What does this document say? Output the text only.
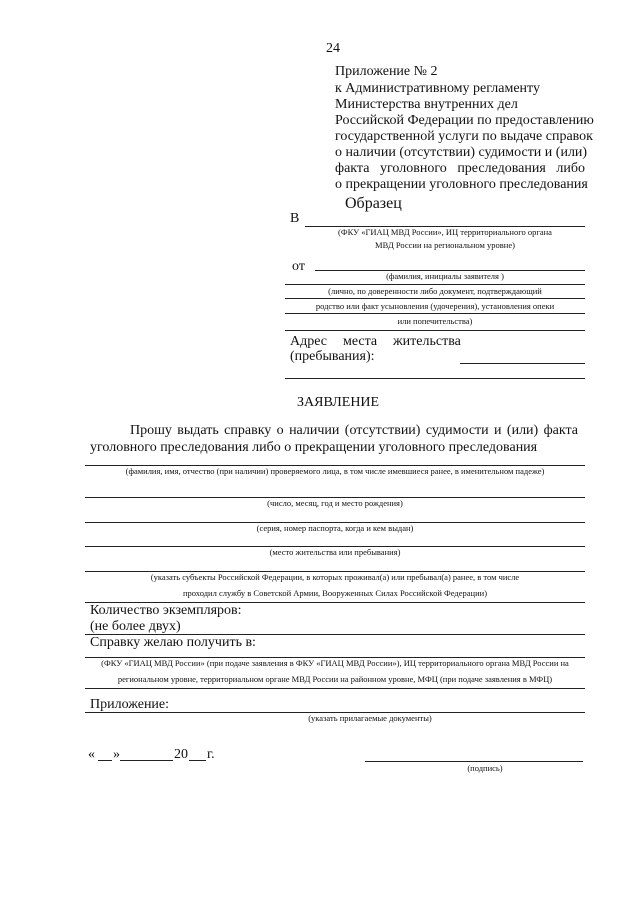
24
Приложение № 2
к Административному регламенту
Министерства внутренних дел
Российской Федерации по предоставлению
государственной услуги по выдаче справок
о наличии (отсутствии) судимости и (или)
факта уголовного преследования либо
о прекращении уголовного преследования
Образец
В
(ФКУ «ГИАЦ МВД России», ИЦ территориального органа
МВД России на региональном уровне)
от
(фамилия, инициалы заявителя )
(лично, по доверенности либо документ, подтверждающий
родство или факт усыновления (удочерения), установления опеки
или попечительства)
Адрес места жительства
(пребывания):
ЗАЯВЛЕНИЕ
Прошу выдать справку о наличии (отсутствии) судимости и (или) факта
уголовного преследования либо о прекращении уголовного преследования
(фамилия, имя, отчество (при наличии) проверяемого лица, в том числе имевшиеся ранее, в именительном падеже)
(число, месяц, год и место рождения)
(серия, номер паспорта, когда и кем выдан)
(место жительства или пребывания)
(указать субъекты Российской Федерации, в которых проживал(а) или пребывал(а) ранее, в том числе
проходил службу в Советской Армии, Вооруженных Силах Российской Федерации)
Количество экземпляров:
(не более двух)
Справку желаю получить в:
(ФКУ «ГИАЦ МВД России» (при подаче заявления в ФКУ «ГИАЦ МВД России»), ИЦ территориального органа МВД России на
региональном уровне, территориальном органе МВД России на районном уровне, МФЦ (при подаче заявления в МФЦ)
Приложение:
(указать прилагаемые документы)
« »	20 г.
(подпись)
